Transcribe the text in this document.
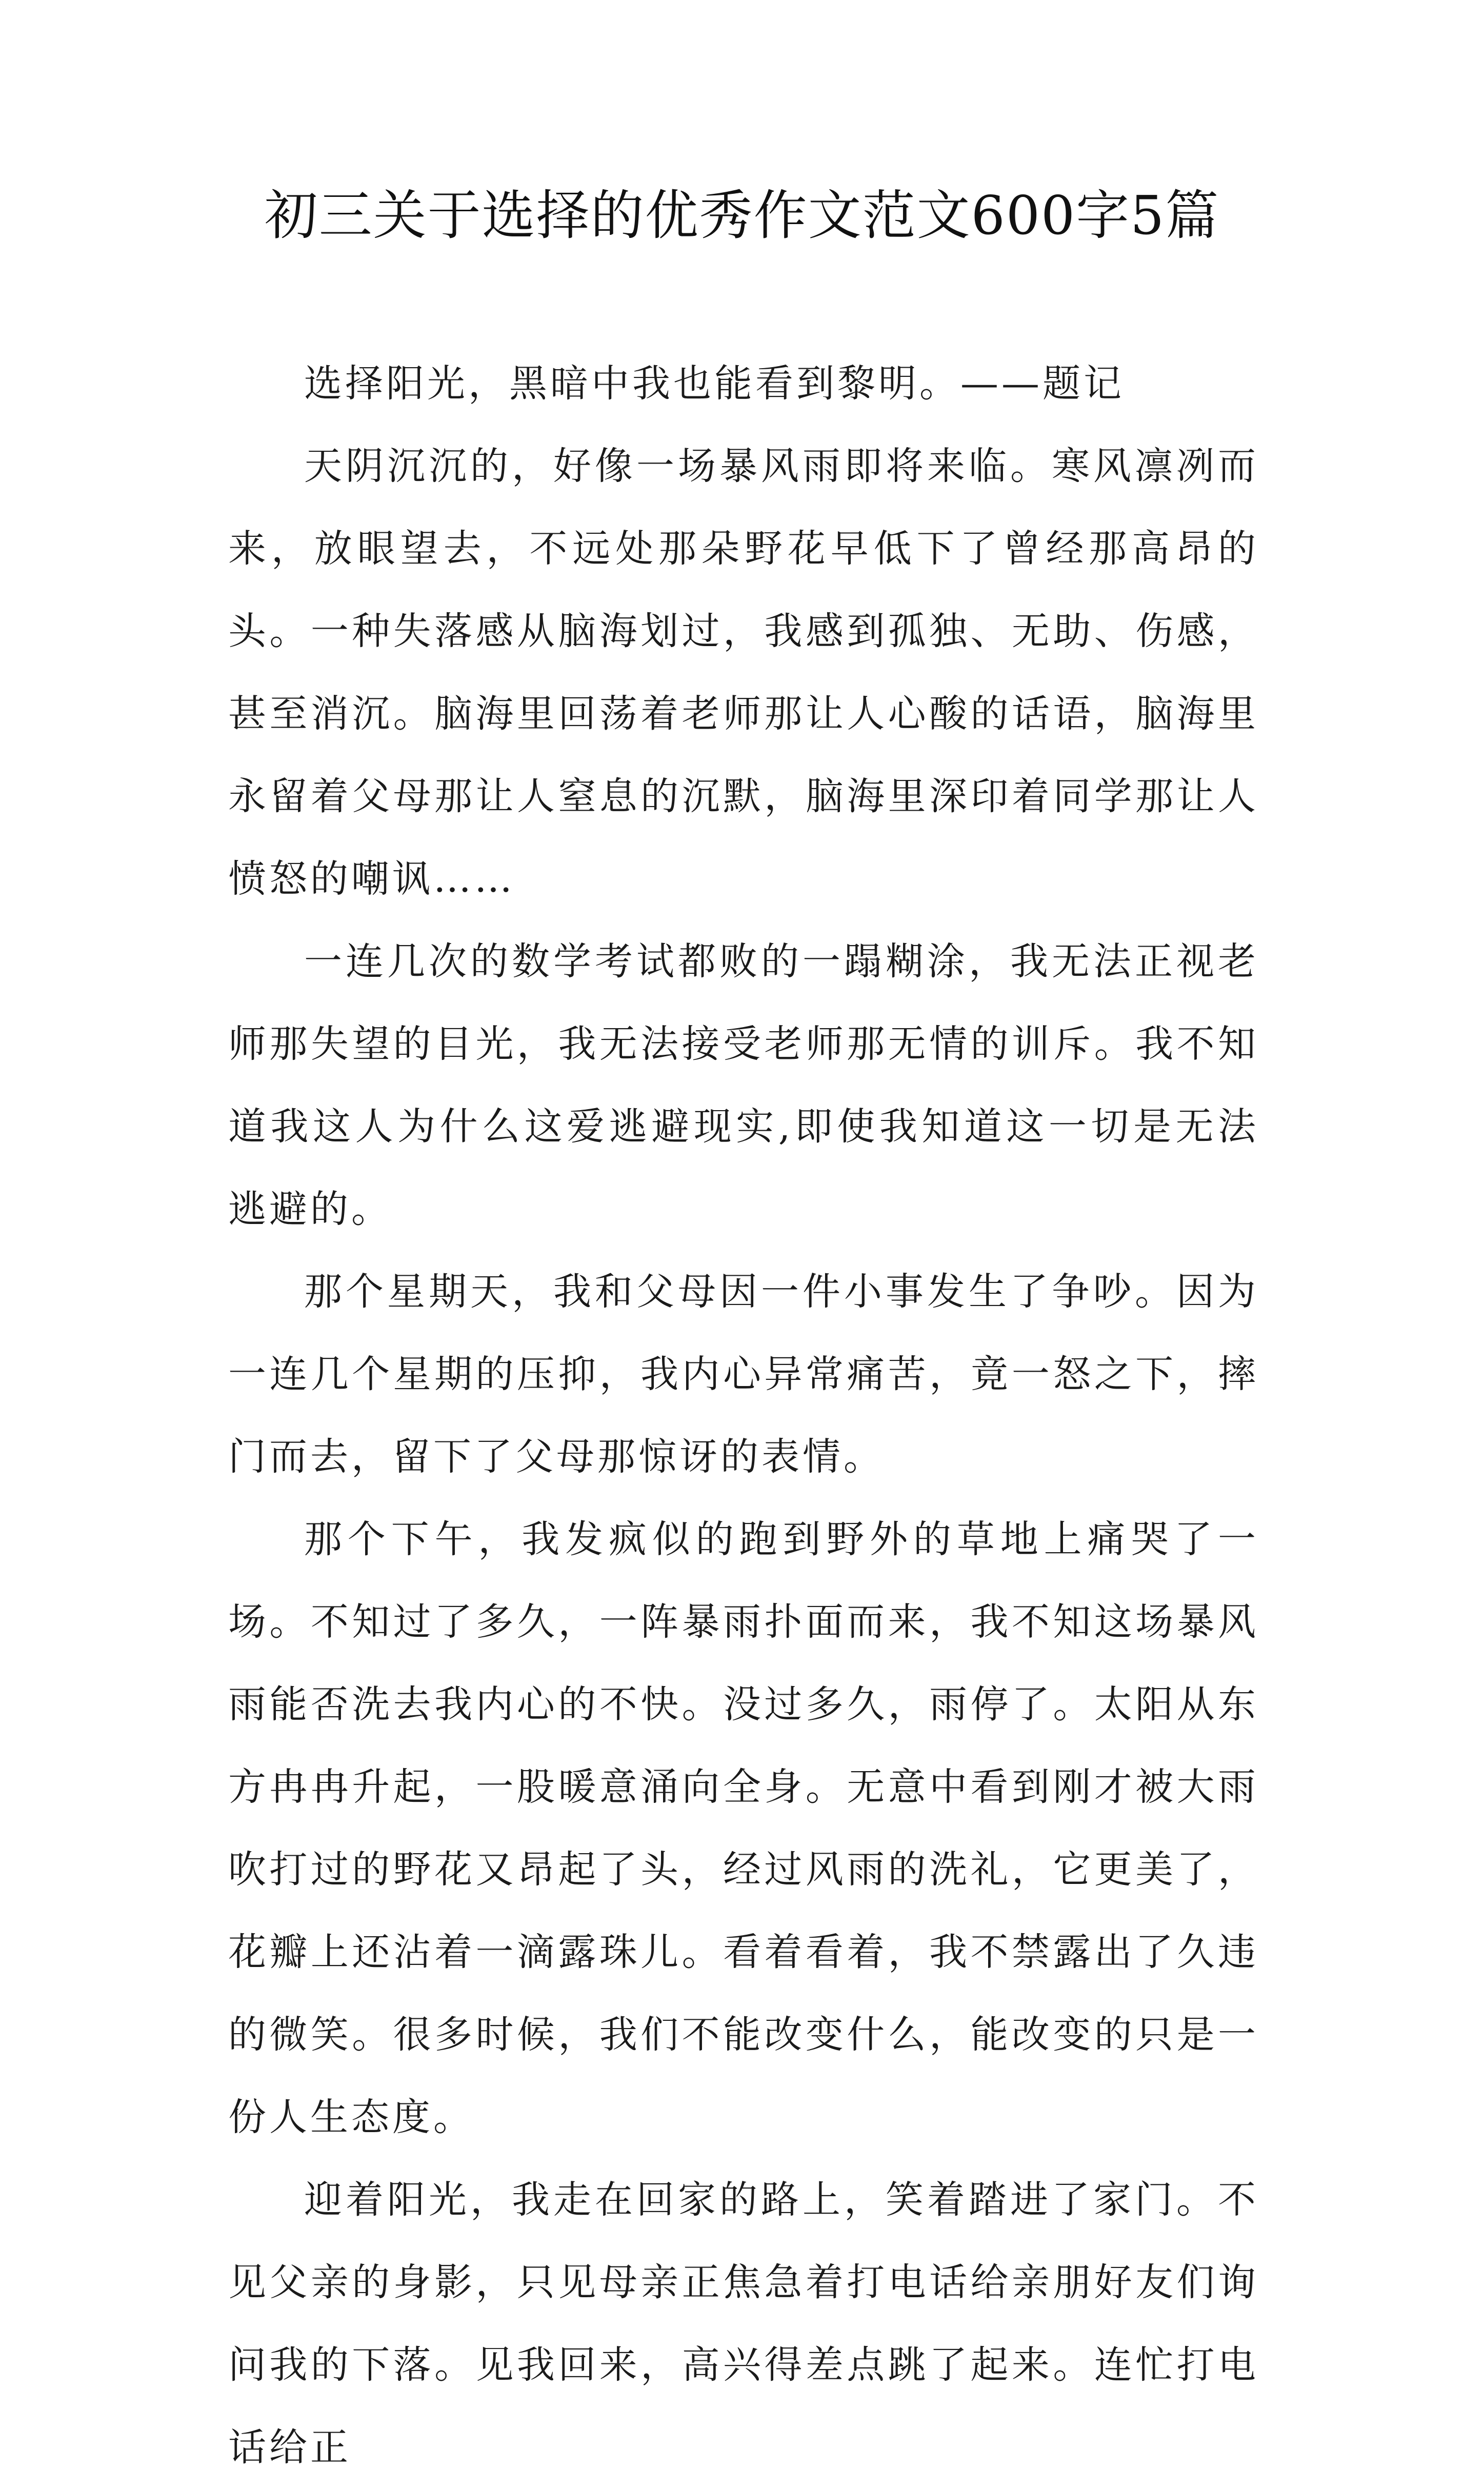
初三关于选择的优秀作文范文600字5篇

选择阳光，黑暗中我也能看到黎明。——题记

天阴沉沉的，好像一场暴风雨即将来临。寒风凛冽而来，放眼望去，不远处那朵野花早低下了曾经那高昂的头。一种失落感从脑海划过，我感到孤独、无助、伤感，甚至消沉。脑海里回荡着老师那让人心酸的话语，脑海里永留着父母那让人窒息的沉默，脑海里深印着同学那让人愤怒的嘲讽……

一连几次的数学考试都败的一蹋糊涂，我无法正视老师那失望的目光，我无法接受老师那无情的训斥。我不知道我这人为什么这爱逃避现实,即使我知道这一切是无法逃避的。

那个星期天，我和父母因一件小事发生了争吵。因为一连几个星期的压抑，我内心异常痛苦，竟一怒之下，摔门而去，留下了父母那惊讶的表情。

那个下午，我发疯似的跑到野外的草地上痛哭了一场。不知过了多久，一阵暴雨扑面而来，我不知这场暴风雨能否洗去我内心的不快。没过多久，雨停了。太阳从东方冉冉升起，一股暖意涌向全身。无意中看到刚才被大雨吹打过的野花又昂起了头，经过风雨的洗礼，它更美了，花瓣上还沾着一滴露珠儿。看着看着，我不禁露出了久违的微笑。很多时候，我们不能改变什么，能改变的只是一份人生态度。

迎着阳光，我走在回家的路上，笑着踏进了家门。不见父亲的身影，只见母亲正焦急着打电话给亲朋好友们询问我的下落。见我回来，高兴得差点跳了起来。连忙打电话给正
